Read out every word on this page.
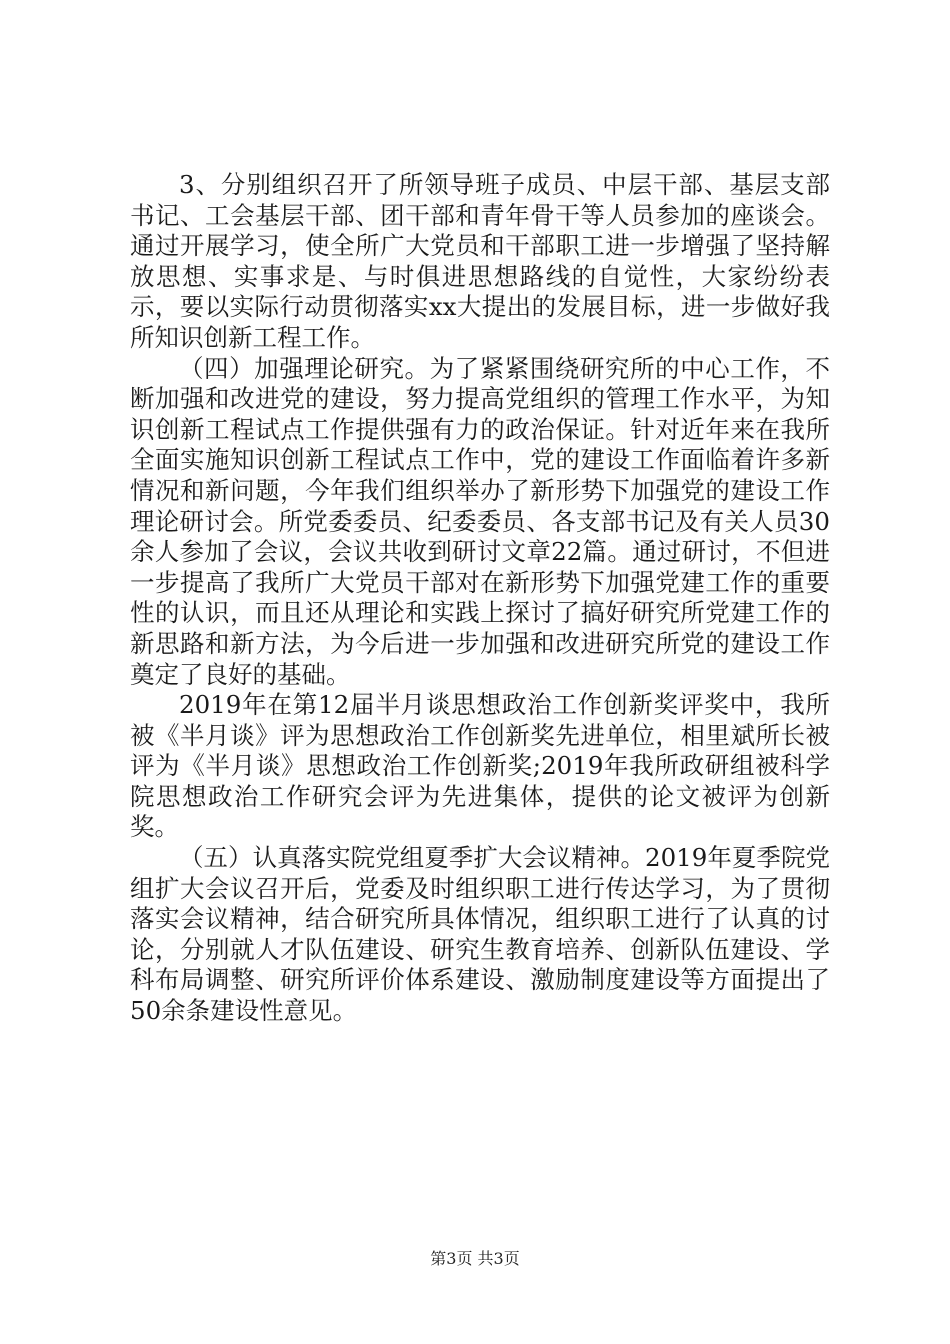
3、分别组织召开了所领导班子成员、中层干部、基层支部书记、工会基层干部、团干部和青年骨干等人员参加的座谈会。通过开展学习，使全所广大党员和干部职工进一步增强了坚持解放思想、实事求是、与时俱进思想路线的自觉性，大家纷纷表示，要以实际行动贯彻落实xx大提出的发展目标，进一步做好我所知识创新工程工作。

（四）加强理论研究。为了紧紧围绕研究所的中心工作，不断加强和改进党的建设，努力提高党组织的管理工作水平，为知识创新工程试点工作提供强有力的政治保证。针对近年来在我所全面实施知识创新工程试点工作中，党的建设工作面临着许多新情况和新问题，今年我们组织举办了新形势下加强党的建设工作理论研讨会。所党委委员、纪委委员、各支部书记及有关人员30余人参加了会议，会议共收到研讨文章22篇。通过研讨，不但进一步提高了我所广大党员干部对在新形势下加强党建工作的重要性的认识，而且还从理论和实践上探讨了搞好研究所党建工作的新思路和新方法，为今后进一步加强和改进研究所党的建设工作奠定了良好的基础。

2019年在第12届半月谈思想政治工作创新奖评奖中，我所被《半月谈》评为思想政治工作创新奖先进单位，相里斌所长被评为《半月谈》思想政治工作创新奖;2019年我所政研组被科学院思想政治工作研究会评为先进集体，提供的论文被评为创新奖。

（五）认真落实院党组夏季扩大会议精神。2019年夏季院党组扩大会议召开后，党委及时组织职工进行传达学习，为了贯彻落实会议精神，结合研究所具体情况，组织职工进行了认真的讨论，分别就人才队伍建设、研究生教育培养、创新队伍建设、学科布局调整、研究所评价体系建设、激励制度建设等方面提出了50余条建设性意见。

第3页 共3页
